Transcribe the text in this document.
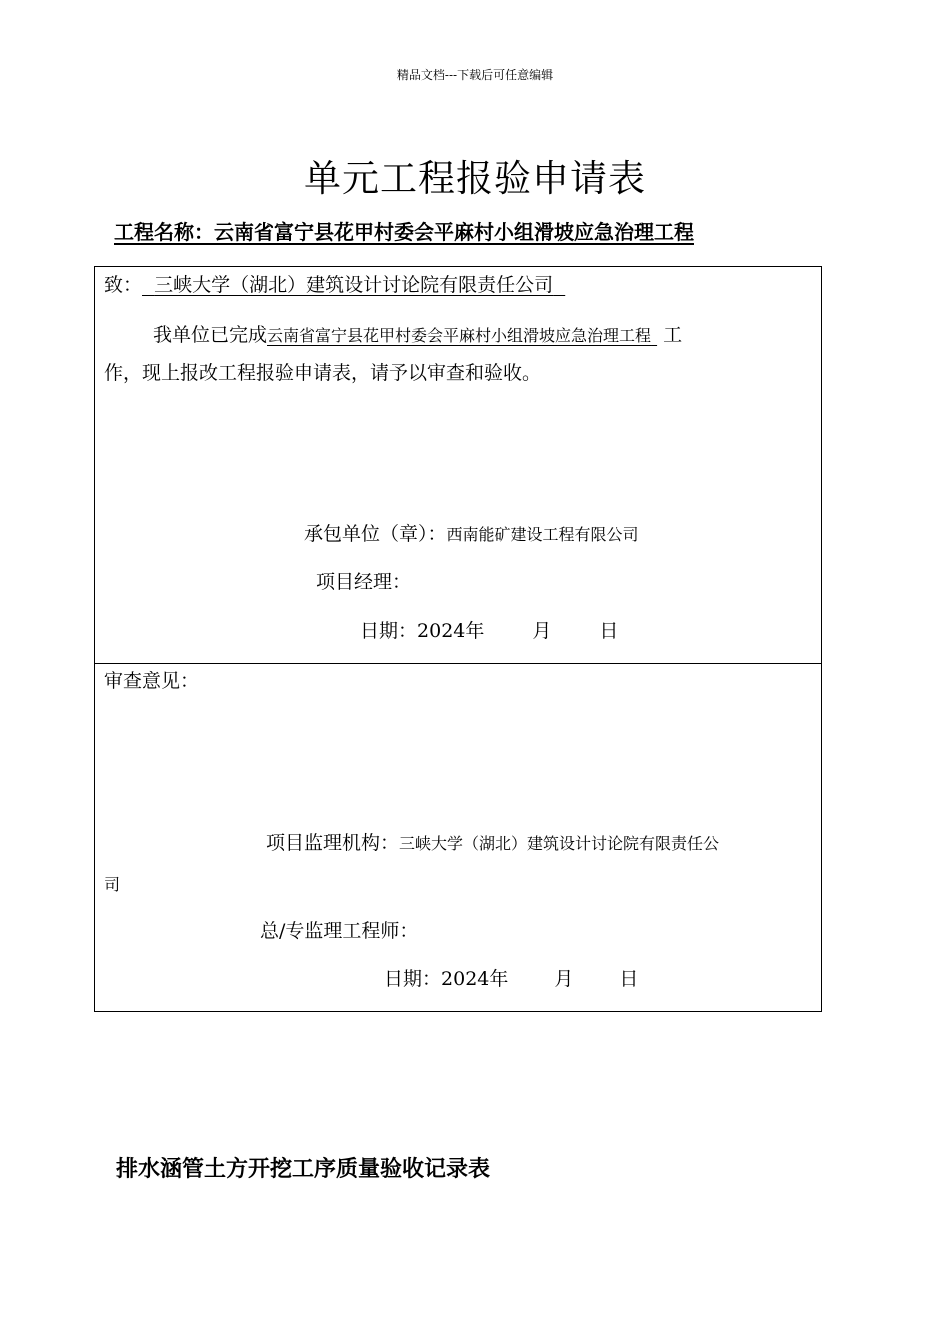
精品文档---下载后可任意编辑
单元工程报验申请表
工程名称：云南省富宁县花甲村委会平麻村小组滑坡应急治理工程
致： 三峡大学（湖北）建筑设计讨论院有限责任公司
我单位已完成云南省富宁县花甲村委会平麻村小组滑坡应急治理工程 工
作，现上报改工程报验申请表，请予以审查和验收。
承包单位（章）：西南能矿建设工程有限公司
项目经理：
日期：2024年	月	日
审查意见：
项目监理机构：三峡大学（湖北）建筑设计讨论院有限责任公
司
总/专监理工程师：
日期：2024年 月 日
排水涵管土方开挖工序质量验收记录表
